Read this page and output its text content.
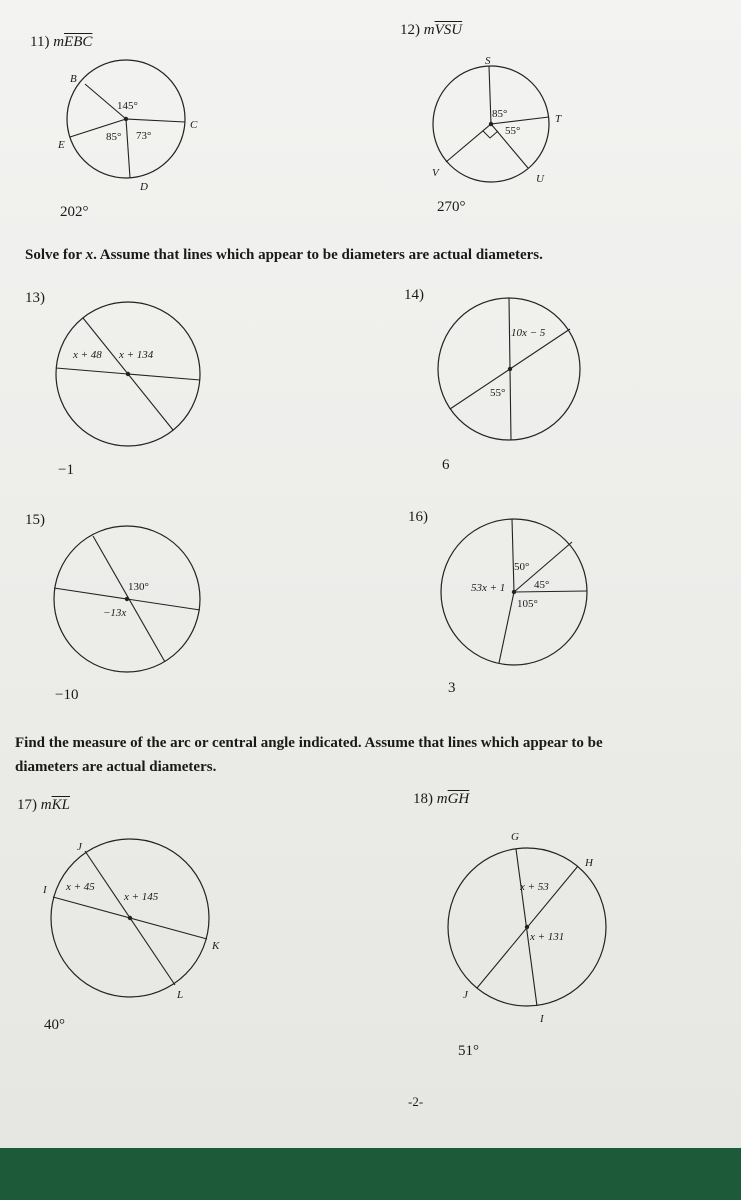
11) $m\overline{EBC}$
B
C
D
E
145°
85° 73°
202°
12) $m\overline{VSU}$
S
T
U
V
85°
55°
270°
Solve for x. Assume that lines which appear to be diameters are actual diameters.
13)
x + 48 x + 134
−1
14)
10x − 5
55°
6
15)
130°
−13x
−10
16)
50°
53x + 1	45°
105°
3
Find the measure of the arc or central angle indicated. Assume that lines which appear to be
diameters are actual diameters.
17) $m\overline{KL}$
J
I
K
L
x + 45
x + 145
40°
18) $m\overline{GH}$
G
H
I
J
x + 53
x + 131
51°
-2-
